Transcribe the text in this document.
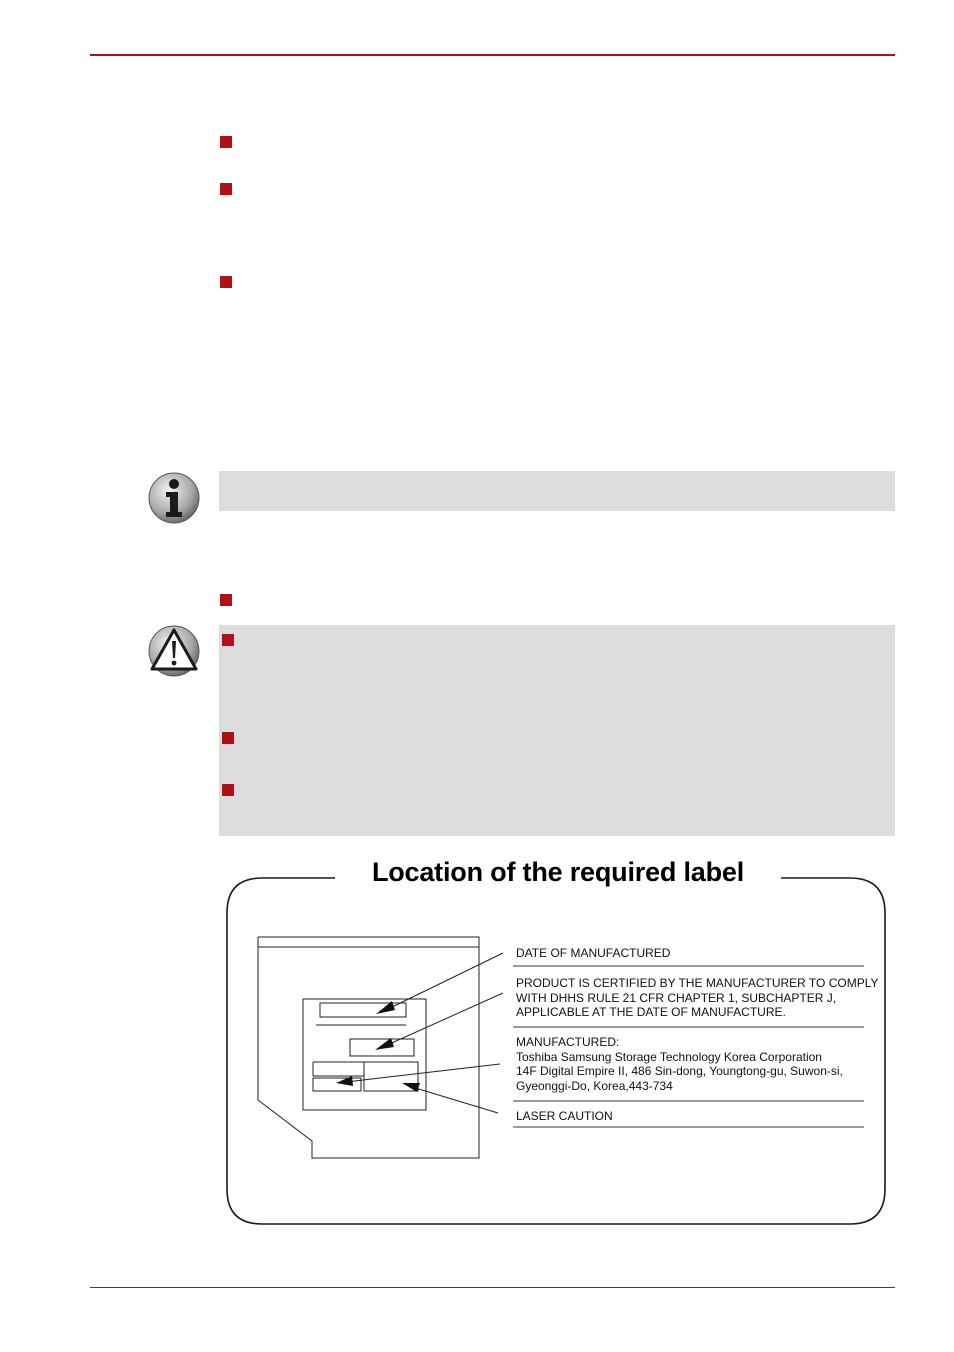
Location of the required label
DATE OF MANUFACTURED
PRODUCT IS CERTIFIED BY THE MANUFACTURER TO COMPLY
WITH DHHS RULE 21 CFR CHAPTER 1, SUBCHAPTER J,
APPLICABLE AT THE DATE OF MANUFACTURE.
MANUFACTURED:
Toshiba Samsung Storage Technology Korea Corporation
14F Digital Empire II, 486 Sin-dong, Youngtong-gu, Suwon-si,
Gyeonggi-Do, Korea,443-734
LASER CAUTION
